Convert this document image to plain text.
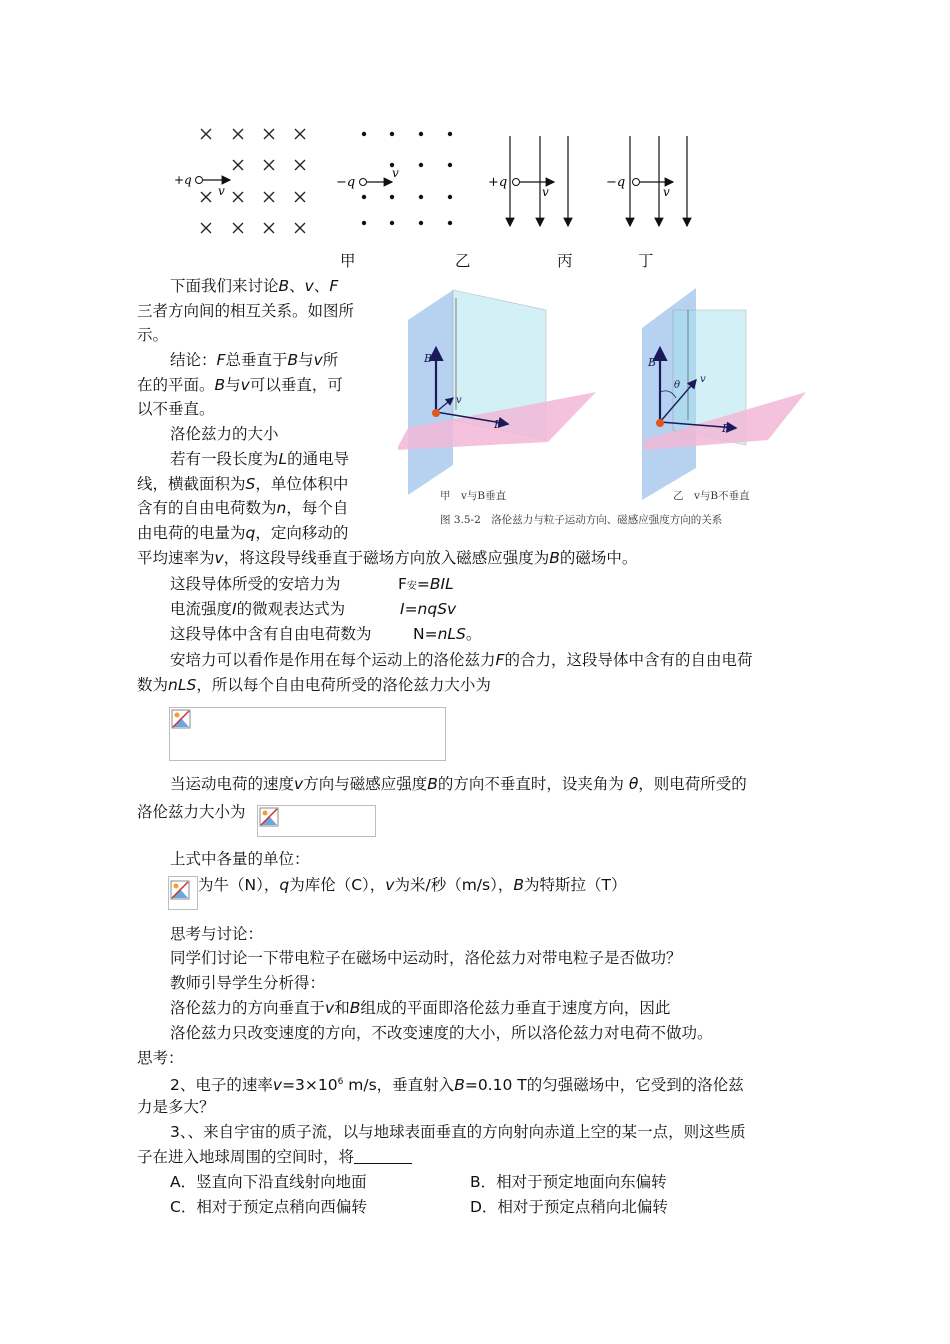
+q
v
−q
v
+q
v
−q
v
甲	乙	丙	丁
B
F
v
B
F
v
θ
甲　v与B垂直	乙　v与B不垂直
图 3.5-2　洛伦兹力与粒子运动方向、磁感应强度方向的关系
下面我们来讨论B、v、F
三者方向间的相互关系。如图所
示。
结论：F总垂直于B与v所
在的平面。B与v可以垂直，可
以不垂直。
洛伦兹力的大小
若有一段长度为L的通电导
线，横截面积为S，单位体积中
含有的自由电荷数为n，每个自
由电荷的电量为q，定向移动的
平均速率为v，将这段导线垂直于磁场方向放入磁感应强度为B的磁场中。
这段导体所受的安培力为	F安=BIL
电流强度I的微观表达式为	I=nqSv
这段导体中含有自由电荷数为	N=nLS。
安培力可以看作是作用在每个运动上的洛伦兹力F的合力，这段导体中含有的自由电荷
数为nLS，所以每个自由电荷所受的洛伦兹力大小为
当运动电荷的速度v方向与磁感应强度B的方向不垂直时，设夹角为 θ，则电荷所受的
洛伦兹力大小为
上式中各量的单位：
为牛（N），q为库伦（C），v为米/秒（m/s），B为特斯拉（T）
思考与讨论：
同学们讨论一下带电粒子在磁场中运动时，洛伦兹力对带电粒子是否做功？
教师引导学生分析得：
洛伦兹力的方向垂直于v和B组成的平面即洛伦兹力垂直于速度方向，因此
洛伦兹力只改变速度的方向，不改变速度的大小，所以洛伦兹力对电荷不做功。
思考：
2、电子的速率$v=3\times 10^6$ m/s，垂直射入B=0.10 T的匀强磁场中，它受到的洛伦兹
力是多大？
3、、来自宇宙的质子流，以与地球表面垂直的方向射向赤道上空的某一点，则这些质
子在进入地球周围的空间时，将
A．竖直向下沿直线射向地面	B．相对于预定地面向东偏转
C．相对于预定点稍向西偏转	D．相对于预定点稍向北偏转
